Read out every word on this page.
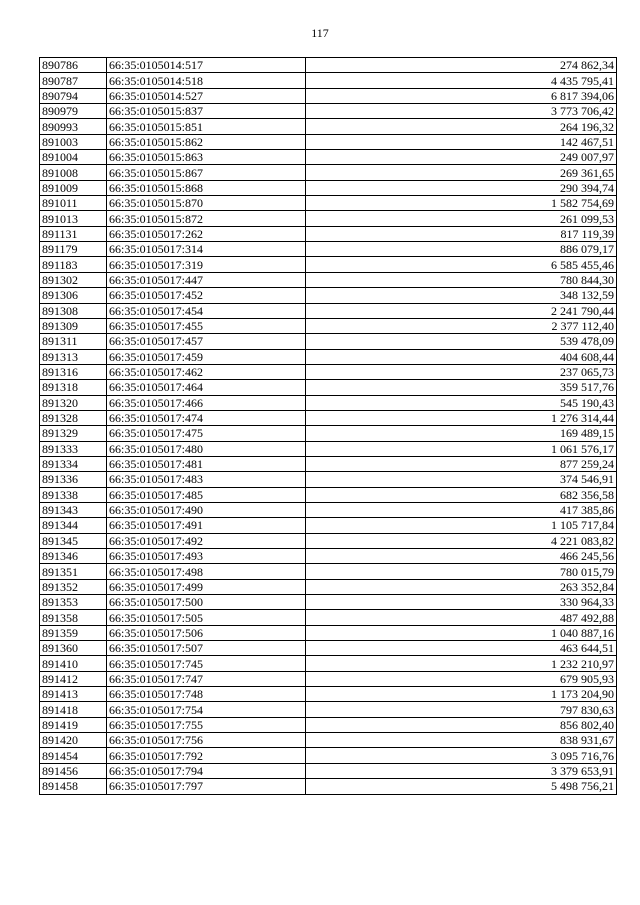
117
890786	66:35:0105014:517	274 862,34
890787	66:35:0105014:518	4 435 795,41
890794	66:35:0105014:527	6 817 394,06
890979	66:35:0105015:837	3 773 706,42
890993	66:35:0105015:851	264 196,32
891003	66:35:0105015:862	142 467,51
891004	66:35:0105015:863	249 007,97
891008	66:35:0105015:867	269 361,65
891009	66:35:0105015:868	290 394,74
891011	66:35:0105015:870	1 582 754,69
891013	66:35:0105015:872	261 099,53
891131	66:35:0105017:262	817 119,39
891179	66:35:0105017:314	886 079,17
891183	66:35:0105017:319	6 585 455,46
891302	66:35:0105017:447	780 844,30
891306	66:35:0105017:452	348 132,59
891308	66:35:0105017:454	2 241 790,44
891309	66:35:0105017:455	2 377 112,40
891311	66:35:0105017:457	539 478,09
891313	66:35:0105017:459	404 608,44
891316	66:35:0105017:462	237 065,73
891318	66:35:0105017:464	359 517,76
891320	66:35:0105017:466	545 190,43
891328	66:35:0105017:474	1 276 314,44
891329	66:35:0105017:475	169 489,15
891333	66:35:0105017:480	1 061 576,17
891334	66:35:0105017:481	877 259,24
891336	66:35:0105017:483	374 546,91
891338	66:35:0105017:485	682 356,58
891343	66:35:0105017:490	417 385,86
891344	66:35:0105017:491	1 105 717,84
891345	66:35:0105017:492	4 221 083,82
891346	66:35:0105017:493	466 245,56
891351	66:35:0105017:498	780 015,79
891352	66:35:0105017:499	263 352,84
891353	66:35:0105017:500	330 964,33
891358	66:35:0105017:505	487 492,88
891359	66:35:0105017:506	1 040 887,16
891360	66:35:0105017:507	463 644,51
891410	66:35:0105017:745	1 232 210,97
891412	66:35:0105017:747	679 905,93
891413	66:35:0105017:748	1 173 204,90
891418	66:35:0105017:754	797 830,63
891419	66:35:0105017:755	856 802,40
891420	66:35:0105017:756	838 931,67
891454	66:35:0105017:792	3 095 716,76
891456	66:35:0105017:794	3 379 653,91
891458	66:35:0105017:797	5 498 756,21
